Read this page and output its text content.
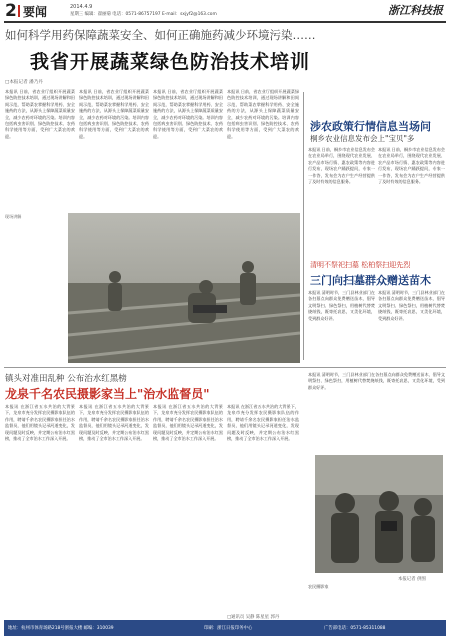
2 要闻	2014.4.9
星期三 编辑：翟丽菊 电话：0571-86757197 E-mail：sxjyf2@163.com	浙江科技报
如何科学用药保障蔬菜安全、如何正确施药减少环境污染……
我省开展蔬菜绿色防治技术培训
□本报记者 潘乃丹
本报讯 日前，省农业厅组织开展蔬菜绿色防控技术培训，通过现场讲解和田间示范，帮助菜农掌握科学用药、安全施药的方法，从源头上保障蔬菜质量安全，减少农药对环境的污染。培训内容包括病虫害识别、绿色防控技术、农药科学使用等方面，受到广大菜农的欢迎。
本报讯 日前，省农业厅组织开展蔬菜绿色防控技术培训，通过现场讲解和田间示范，帮助菜农掌握科学用药、安全施药的方法，从源头上保障蔬菜质量安全，减少农药对环境的污染。培训内容包括病虫害识别、绿色防控技术、农药科学使用等方面，受到广大菜农的欢迎。
本报讯 日前，省农业厅组织开展蔬菜绿色防控技术培训，通过现场讲解和田间示范，帮助菜农掌握科学用药、安全施药的方法，从源头上保障蔬菜质量安全，减少农药对环境的污染。培训内容包括病虫害识别、绿色防控技术、农药科学使用等方面，受到广大菜农的欢迎。
本报讯 日前，省农业厅组织开展蔬菜绿色防控技术培训，通过现场讲解和田间示范，帮助菜农掌握科学用药、安全施药的方法，从源头上保障蔬菜质量安全，减少农药对环境的污染。培训内容包括病虫害识别、绿色防控技术、农药科学使用等方面，受到广大菜农的欢迎。
现场讲解
涉农政策行情信息当场问
桐乡农业信息发布会上"宝贝"多
本报讯 日前，桐乡市农业信息发布会在农业局举行，围绕现代农业发展、农产品市场行情、惠农政策等内容进行发布，现场农户踊跃提问，专家一一作答，发布会为农户生产经营提供了及时有效的信息服务。
本报讯 日前，桐乡市农业信息发布会在农业局举行，围绕现代农业发展、农产品市场行情、惠农政策等内容进行发布，现场农户踊跃提问，专家一一作答，发布会为农户生产经营提供了及时有效的信息服务。
清明不祭祀扫墓 松柏祭扫迎先烈
三门向扫墓群众赠送苗木
本报讯 清明时节，三门县林业部门在各扫墓点向群众免费赠送苗木，倡导文明祭扫、绿色祭扫，用植树代替焚烧纸钱，既寄托哀思，又美化环境，受到群众好评。
本报讯 清明时节，三门县林业部门在各扫墓点向群众免费赠送苗木，倡导文明祭扫、绿色祭扫，用植树代替焚烧纸钱，既寄托哀思，又美化环境，受到群众好评。
镇头对准田乱种 公布治水红黑榜
龙泉千名农民摄影家当上"治水监督员"
本报讯 在浙江省五水共治的大背景下，龙泉市充分发挥农民摄影家队伍的作用，聘请千余名农民摄影家担任治水监督员，他们用镜头记录河道变化，发现问题及时反映，并定期公布治水红黑榜，推动了全市治水工作深入开展。
本报讯 在浙江省五水共治的大背景下，龙泉市充分发挥农民摄影家队伍的作用，聘请千余名农民摄影家担任治水监督员，他们用镜头记录河道变化，发现问题及时反映，并定期公布治水红黑榜，推动了全市治水工作深入开展。
本报讯 在浙江省五水共治的大背景下，龙泉市充分发挥农民摄影家队伍的作用，聘请千余名农民摄影家担任治水监督员，他们用镜头记录河道变化，发现问题及时反映，并定期公布治水红黑榜，推动了全市治水工作深入开展。
本报讯 在浙江省五水共治的大背景下，龙泉市充分发挥农民摄影家队伍的作用，聘请千余名农民摄影家担任治水监督员，他们用镜头记录河道变化，发现问题及时反映，并定期公布治水红黑榜，推动了全市治水工作深入开展。
□通讯员 吴静 陈星星 郭丹
本报讯 清明时节，三门县林业部门在各扫墓点向群众免费赠送苗木，倡导文明祭扫、绿色祭扫，用植树代替焚烧纸钱，既寄托哀思，又美化环境，受到群众好评。
本报记者 供图
农民摄影家
地址：杭州市体育场路218号浙报大楼 邮编：310039	印刷：浙江日报印务中心	广告部电话：0571-85311088
